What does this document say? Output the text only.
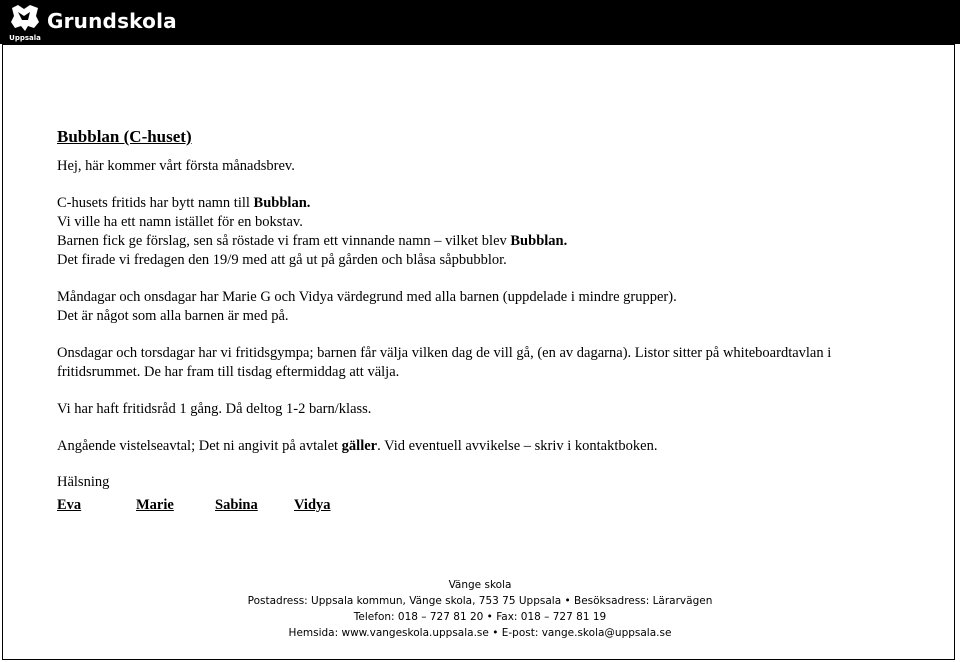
Uppsala
Grundskola
Bubblan (C-huset)

Hej, här kommer vårt första månadsbrev.

C-husets fritids har bytt namn till Bubblan.

Vi ville ha ett namn istället för en bokstav.

Barnen fick ge förslag, sen så röstade vi fram ett vinnande namn – vilket blev Bubblan.

Det firade vi fredagen den 19/9 med att gå ut på gården och blåsa såpbubblor.

Måndagar och onsdagar har Marie G och Vidya värdegrund med alla barnen (uppdelade i mindre grupper).

Det är något som alla barnen är med på.

Onsdagar och torsdagar har vi fritidsgympa; barnen får välja vilken dag de vill gå, (en av dagarna). Listor sitter på whiteboardtavlan i fritidsrummet. De har fram till tisdag eftermiddag att välja.

Vi har haft fritidsråd 1 gång. Då deltog 1-2 barn/klass.

Angående vistelseavtal; Det ni angivit på avtalet gäller. Vid eventuell avvikelse – skriv i kontaktboken.

Hälsning

Eva	Marie	Sabina	Vidya
Vänge skola
Postadress: Uppsala kommun, Vänge skola, 753 75 Uppsala • Besöksadress: Lärarvägen
Telefon: 018 – 727 81 20 • Fax: 018 – 727 81 19
Hemsida: www.vangeskola.uppsala.se • E-post: vange.skola@uppsala.se
